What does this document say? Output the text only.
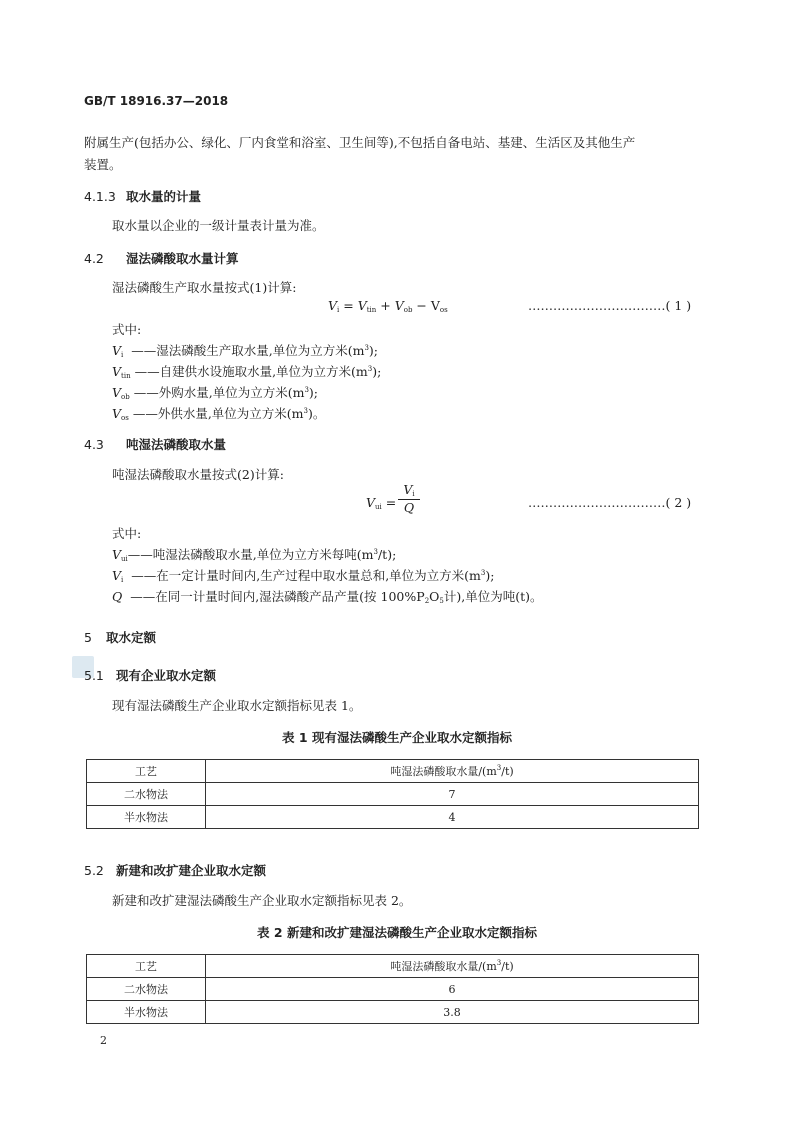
GB/T 18916.37—2018
附属生产(包括办公、绿化、厂内食堂和浴室、卫生间等),不包括自备电站、基建、生活区及其他生产
装置。
4.1.3 取水量的计量
取水量以企业的一级计量表计量为准。
4.2 湿法磷酸取水量计算
湿法磷酸生产取水量按式(1)计算:
$V_i = V_{tin} + V_{ob} - V_{os}$	……………………………( 1 )
式中:
$V_i$ ——湿法磷酸生产取水量,单位为立方米$(m^3)$;
$V_{tin}$ ——自建供水设施取水量,单位为立方米$(m^3)$;
$V_{ob}$ ——外购水量,单位为立方米$(m^3)$;
$V_{os}$ ——外供水量,单位为立方米$(m^3)$。
4.3 吨湿法磷酸取水量
吨湿法磷酸取水量按式(2)计算:
$V_{ui}$ =
$V_i$
Q	……………………………( 2 )
式中:
$V_{ui}——$吨湿法磷酸取水量,单位为立方米每吨$(m^3/t)$;
$V_i$ ——在一定计量时间内,生产过程中取水量总和,单位为立方米$(m^3)$;
Q ——在同一计量时间内,湿法磷酸产品产量(按 $100\%P_2O_5$计),单位为吨(t)。
5 取水定额
5.1 现有企业取水定额
现有湿法磷酸生产企业取水定额指标见表 1。
表 1 现有湿法磷酸生产企业取水定额指标
工艺	吨湿法磷酸取水量$/(m^3/t)$
二水物法	7
半水物法	4
5.2 新建和改扩建企业取水定额
新建和改扩建湿法磷酸生产企业取水定额指标见表 2。
表 2 新建和改扩建湿法磷酸生产企业取水定额指标
工艺	吨湿法磷酸取水量$/(m^3/t)$
二水物法	6
半水物法	3.8
2
